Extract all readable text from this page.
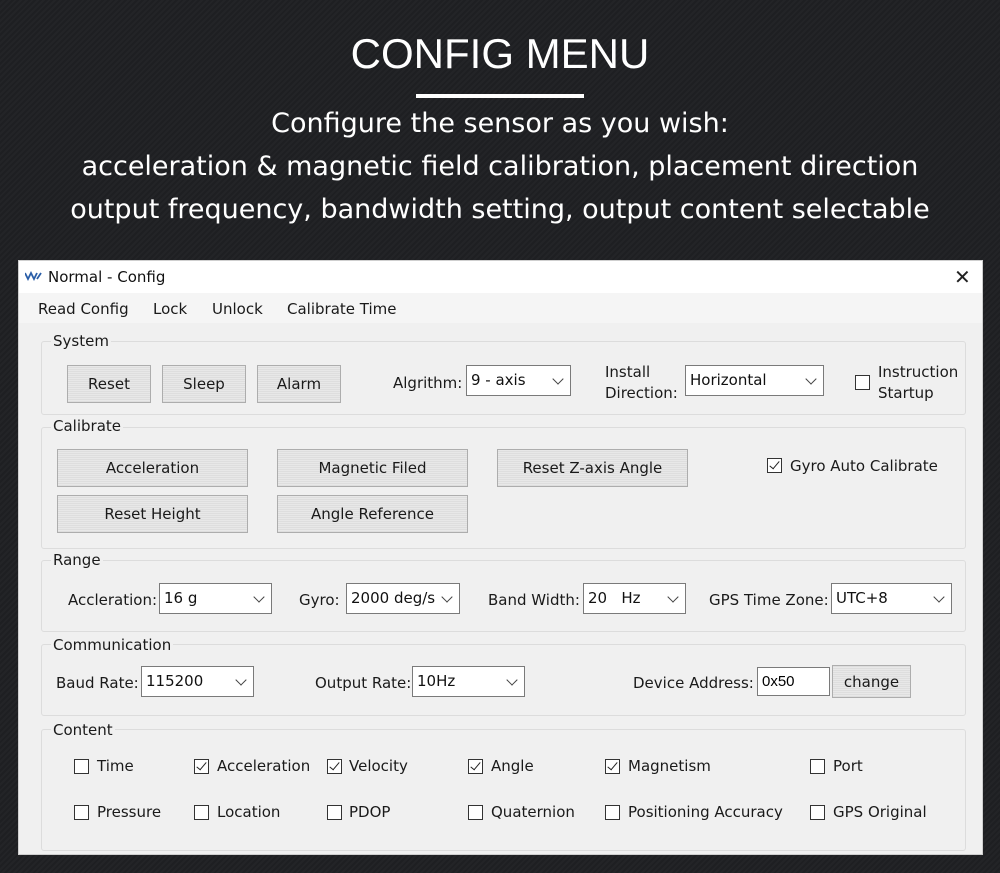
CONFIG MENU
Configure the sensor as you wish:
acceleration & magnetic field calibration, placement direction
output frequency, bandwidth setting, output content selectable
Normal - Config	✕
Read Config Lock Unlock Calibrate Time
System
Reset	Sleep	Alarm	Algrithm: 9 - axis	Install
Direction:
Horizontal	Instruction
Startup
Calibrate
Acceleration	Magnetic Filed	Reset Z-axis Angle
Reset Height	Angle Reference
Gyro Auto Calibrate
Range
Accleration: 16 g	Gyro: 2000 deg/s	Band Width: 20   Hz	GPS Time Zone: UTC+8
Communication
Baud Rate: 115200	Output Rate: 10Hz	Device Address:
0x50	change
Content
Time	Acceleration	Velocity	Angle	Magnetism	Port
Pressure	Location	PDOP	Quaternion	Positioning Accuracy	GPS Original
